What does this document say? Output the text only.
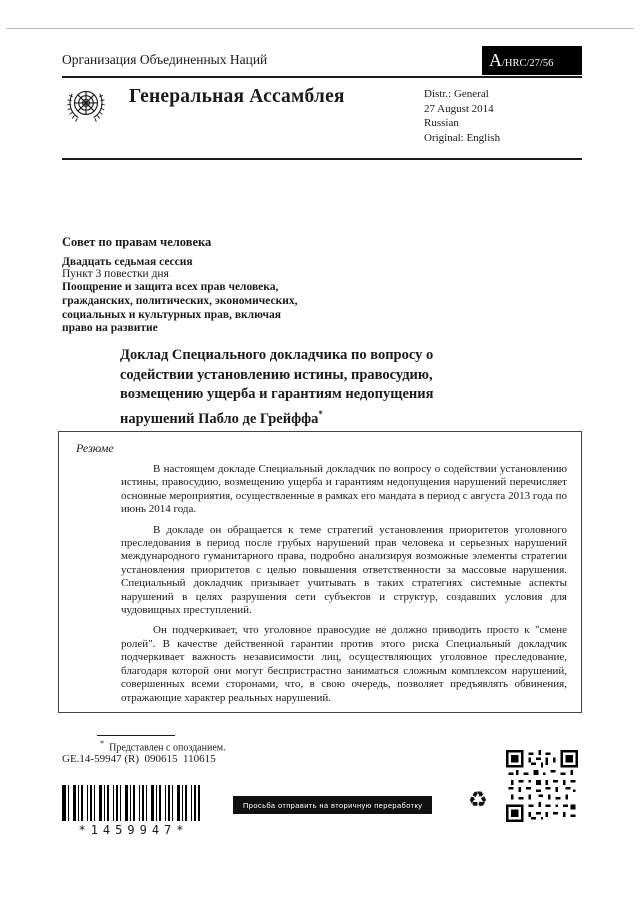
Организация Объединенных Наций	A /HRC/27/56
Генеральная Ассамблея	Distr.: General
27 August 2014
Russian
Original: English
Совет по правам человека
Двадцать седьмая сессия
Пункт 3 повестки дня
Поощрение и защита всех прав человека, гражданских, политических, экономических, социальных и культурных прав, включая право на развитие
Доклад Специального докладчика по вопросу о содействии установлению истины, правосудию, возмещению ущерба и гарантиям недопущения нарушений Пабло де Грейффа*
Резюме

В настоящем докладе Специальный докладчик по вопросу о содействии установлению истины, правосудию, возмещению ущерба и гарантиям недопущения нарушений перечисляет основные мероприятия, осуществленные в рамках его мандата в период с августа 2013 года по июнь 2014 года.

В докладе он обращается к теме стратегий установления приоритетов уголовного преследования в период после грубых нарушений прав человека и серьезных нарушений международного гуманитарного права, подробно анализируя возможные элементы стратегии установления приоритетов с целью повышения ответственности за массовые нарушения. Специальный докладчик призывает учитывать в таких стратегиях системные аспекты нарушений в целях разрушения сети субъектов и структур, создавших условия для чудовищных преступлений.

Он подчеркивает, что уголовное правосудие не должно приводить просто к "смене ролей". В качестве действенной гарантии против этого риска Специальный докладчик подчеркивает важность независимости лиц, осуществляющих уголовное преследование, благодаря которой они могут беспристрастно заниматься сложным комплексом нарушений, совершенных всеми сторонами, что, в свою очередь, позволяет предъявлять обвинения, отражающие характер реальных нарушений.

* Представлен с опозданием.
GE.14-59947 (R)  090615  110615
*1459947*
Просьба отправить на вторичную переработку ♻
